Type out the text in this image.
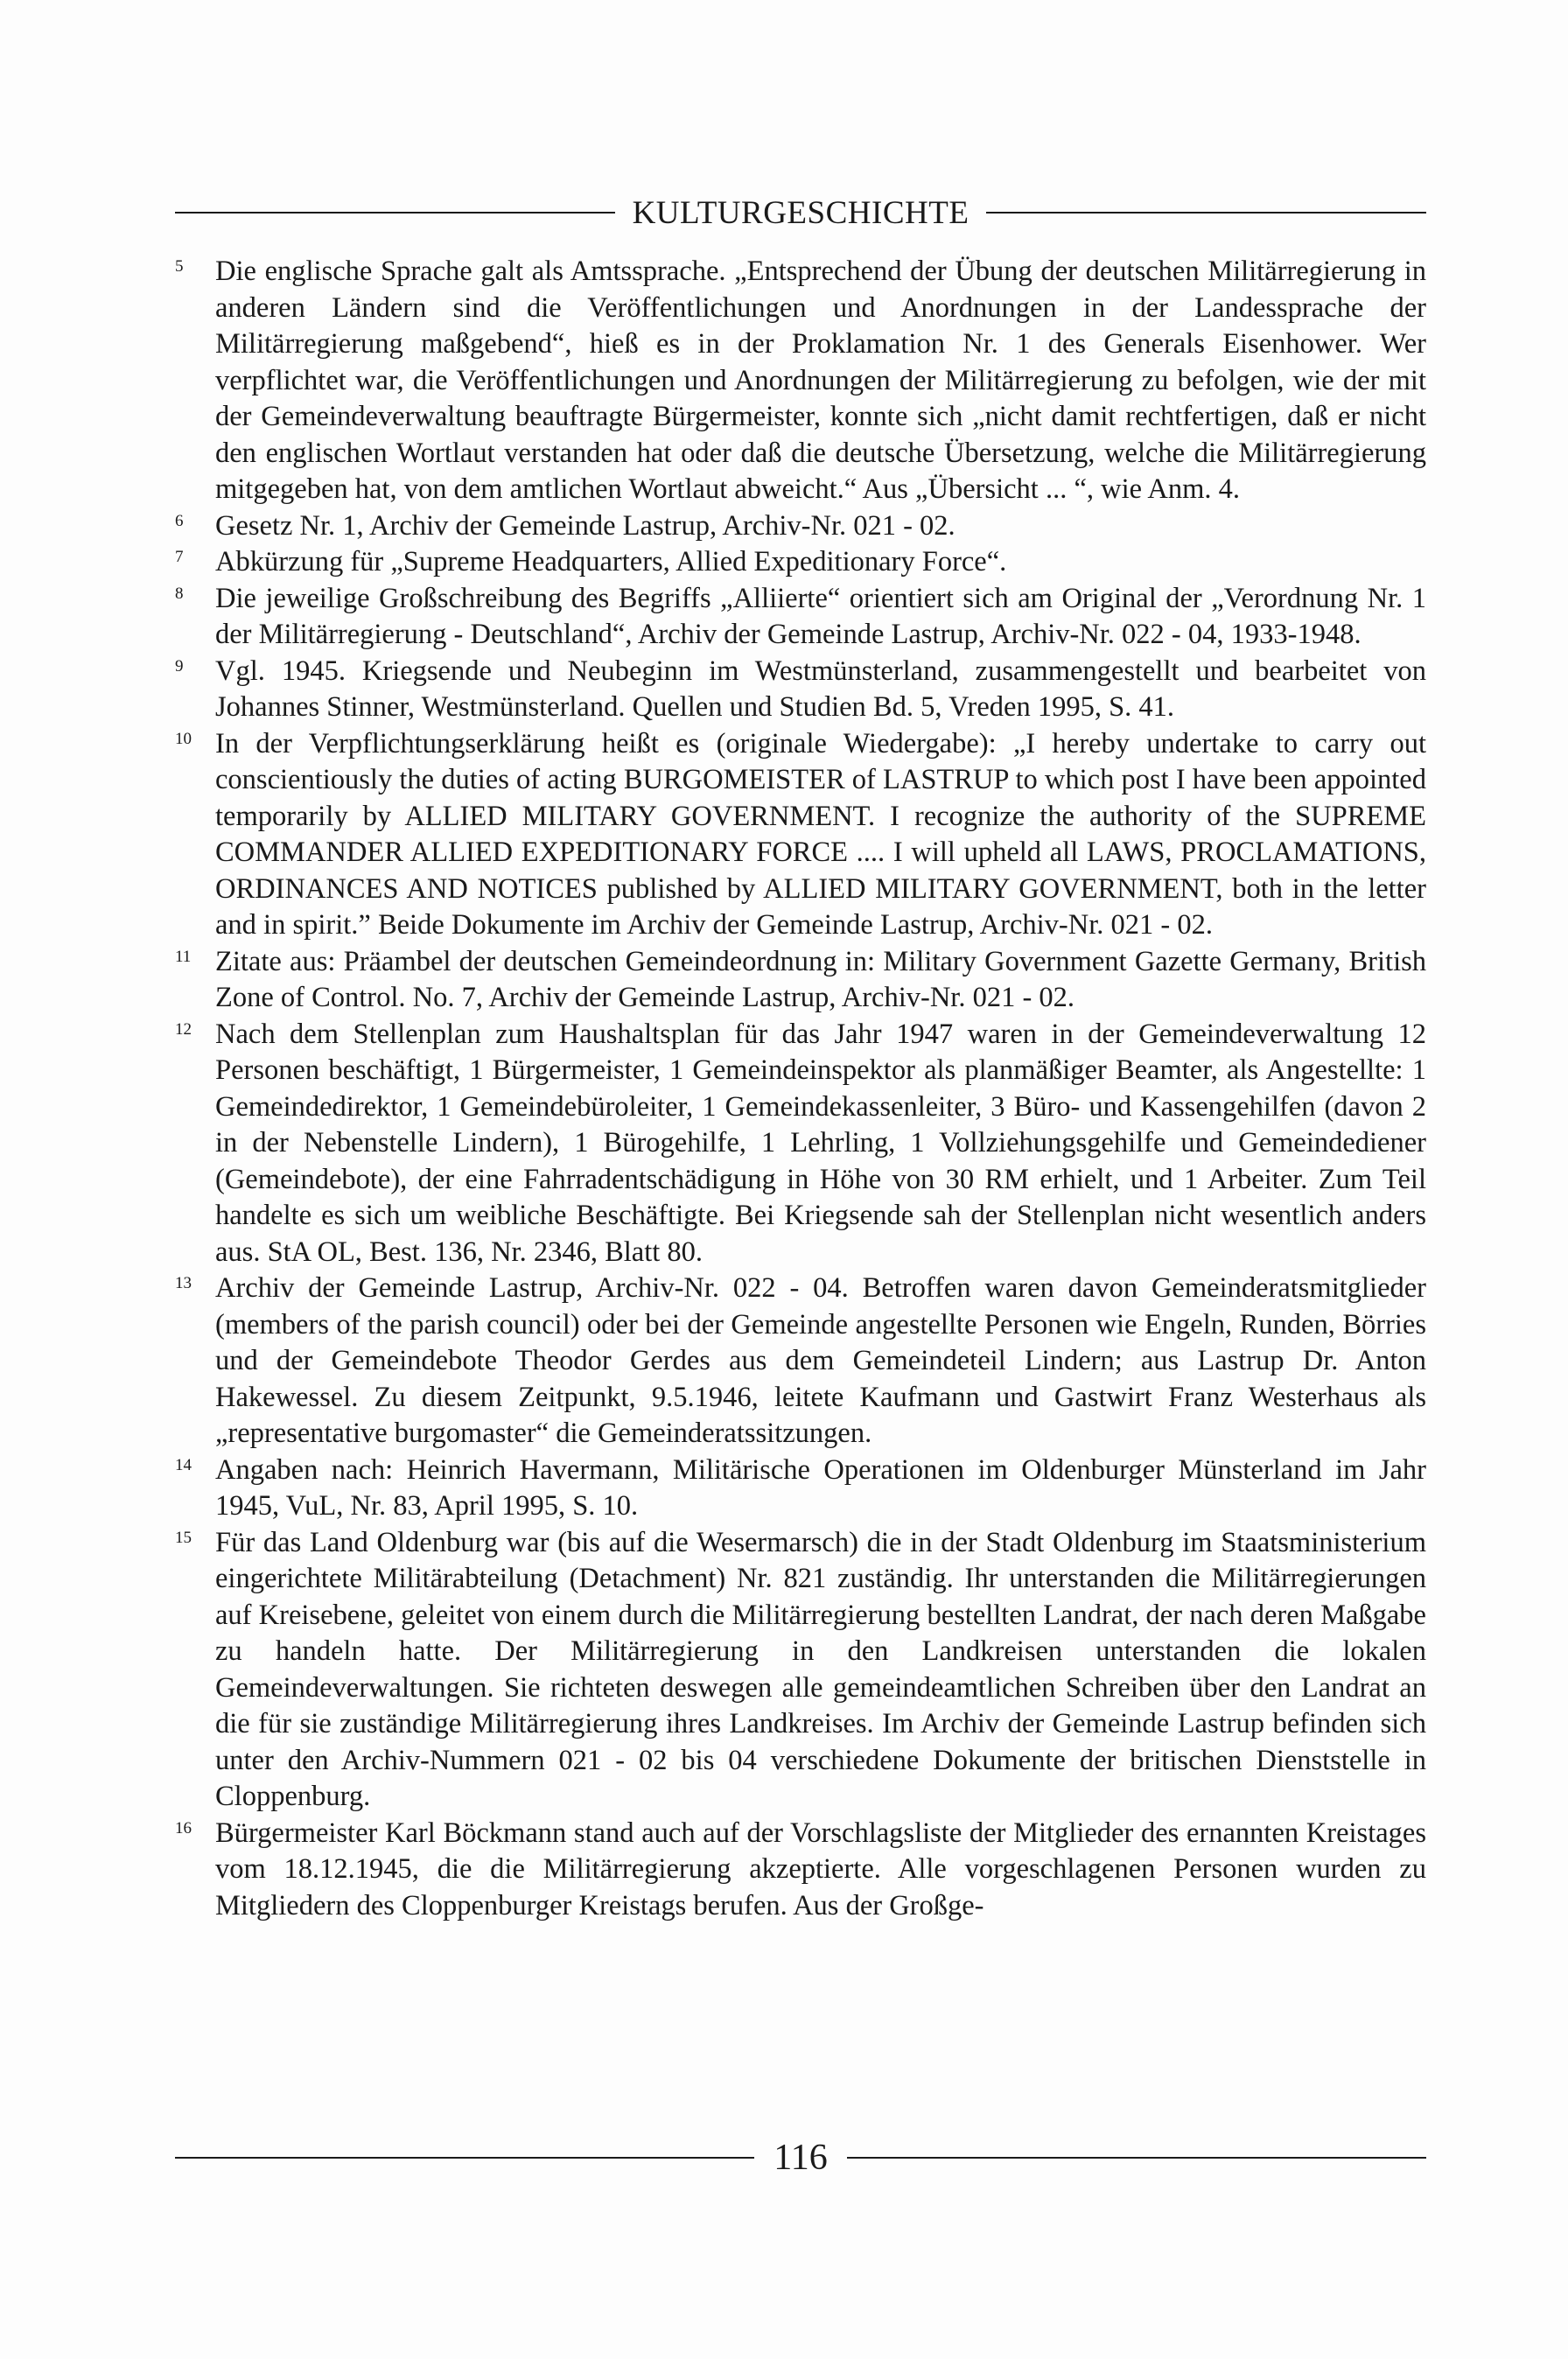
KULTURGESCHICHTE

5 Die englische Sprache galt als Amtssprache. „Entsprechend der Übung der deutschen Militärregierung in anderen Ländern sind die Veröffentlichungen und Anordnungen in der Landessprache der Militärregierung maßgebend“, hieß es in der Proklamation Nr. 1 des Generals Eisenhower. Wer verpflichtet war, die Veröffentlichungen und Anordnungen der Militärregierung zu befolgen, wie der mit der Gemeindeverwaltung beauftragte Bürgermeister, konnte sich „nicht damit rechtfertigen, daß er nicht den englischen Wortlaut verstanden hat oder daß die deutsche Übersetzung, welche die Militärregierung mitgegeben hat, von dem amtlichen Wortlaut abweicht.“ Aus „Übersicht ... “, wie Anm. 4.

6 Gesetz Nr. 1, Archiv der Gemeinde Lastrup, Archiv-Nr. 021 - 02.

7 Abkürzung für „Supreme Headquarters, Allied Expeditionary Force“.

8 Die jeweilige Großschreibung des Begriffs „Alliierte“ orientiert sich am Original der „Verordnung Nr. 1 der Militärregierung - Deutschland“, Archiv der Gemeinde Lastrup, Archiv-Nr. 022 - 04, 1933-1948.

9 Vgl. 1945. Kriegsende und Neubeginn im Westmünsterland, zusammengestellt und bearbeitet von Johannes Stinner, Westmünsterland. Quellen und Studien Bd. 5, Vreden 1995, S. 41.

10 In der Verpflichtungserklärung heißt es (originale Wiedergabe): „I hereby undertake to carry out conscientiously the duties of acting BURGOMEISTER of LASTRUP to which post I have been appointed temporarily by ALLIED MILITARY GOVERNMENT. I recognize the authority of the SUPREME COMMANDER ALLIED EXPEDITIONARY FORCE .... I will upheld all LAWS, PROCLAMATIONS, ORDINANCES AND NOTICES published by ALLIED MILITARY GOVERNMENT, both in the letter and in spirit.” Beide Dokumente im Archiv der Gemeinde Lastrup, Archiv-Nr. 021 - 02.

11 Zitate aus: Präambel der deutschen Gemeindeordnung in: Military Government Gazette Germany, British Zone of Control. No. 7, Archiv der Gemeinde Lastrup, Archiv-Nr. 021 - 02.

12 Nach dem Stellenplan zum Haushaltsplan für das Jahr 1947 waren in der Gemeindeverwaltung 12 Personen beschäftigt, 1 Bürgermeister, 1 Gemeindeinspektor als planmäßiger Beamter, als Angestellte: 1 Gemeindedirektor, 1 Gemeindebüroleiter, 1 Gemeindekassenleiter, 3 Büro- und Kassengehilfen (davon 2 in der Nebenstelle Lindern), 1 Bürogehilfe, 1 Lehrling, 1 Vollziehungsgehilfe und Gemeindediener (Gemeindebote), der eine Fahrradentschädigung in Höhe von 30 RM erhielt, und 1 Arbeiter. Zum Teil handelte es sich um weibliche Beschäftigte. Bei Kriegsende sah der Stellenplan nicht wesentlich anders aus. StA OL, Best. 136, Nr. 2346, Blatt 80.

13 Archiv der Gemeinde Lastrup, Archiv-Nr. 022 - 04. Betroffen waren davon Gemeinderatsmitglieder (members of the parish council) oder bei der Gemeinde angestellte Personen wie Engeln, Runden, Börries und der Gemeindebote Theodor Gerdes aus dem Gemeindeteil Lindern; aus Lastrup Dr. Anton Hakewessel. Zu diesem Zeitpunkt, 9.5.1946, leitete Kaufmann und Gastwirt Franz Westerhaus als „representative burgomaster“ die Gemeinderatssitzungen.

14 Angaben nach: Heinrich Havermann, Militärische Operationen im Oldenburger Münsterland im Jahr 1945, VuL, Nr. 83, April 1995, S. 10.

15 Für das Land Oldenburg war (bis auf die Wesermarsch) die in der Stadt Oldenburg im Staatsministerium eingerichtete Militärabteilung (Detachment) Nr. 821 zuständig. Ihr unterstanden die Militärregierungen auf Kreisebene, geleitet von einem durch die Militärregierung bestellten Landrat, der nach deren Maßgabe zu handeln hatte. Der Militärregierung in den Landkreisen unterstanden die lokalen Gemeindeverwaltungen. Sie richteten deswegen alle gemeindeamtlichen Schreiben über den Landrat an die für sie zuständige Militärregierung ihres Landkreises. Im Archiv der Gemeinde Lastrup befinden sich unter den Archiv-Nummern 021 - 02 bis 04 verschiedene Dokumente der britischen Dienststelle in Cloppenburg.

16 Bürgermeister Karl Böckmann stand auch auf der Vorschlagsliste der Mitglieder des ernannten Kreistages vom 18.12.1945, die die Militärregierung akzeptierte. Alle vorgeschlagenen Personen wurden zu Mitgliedern des Cloppenburger Kreistags berufen. Aus der Großge-

116
